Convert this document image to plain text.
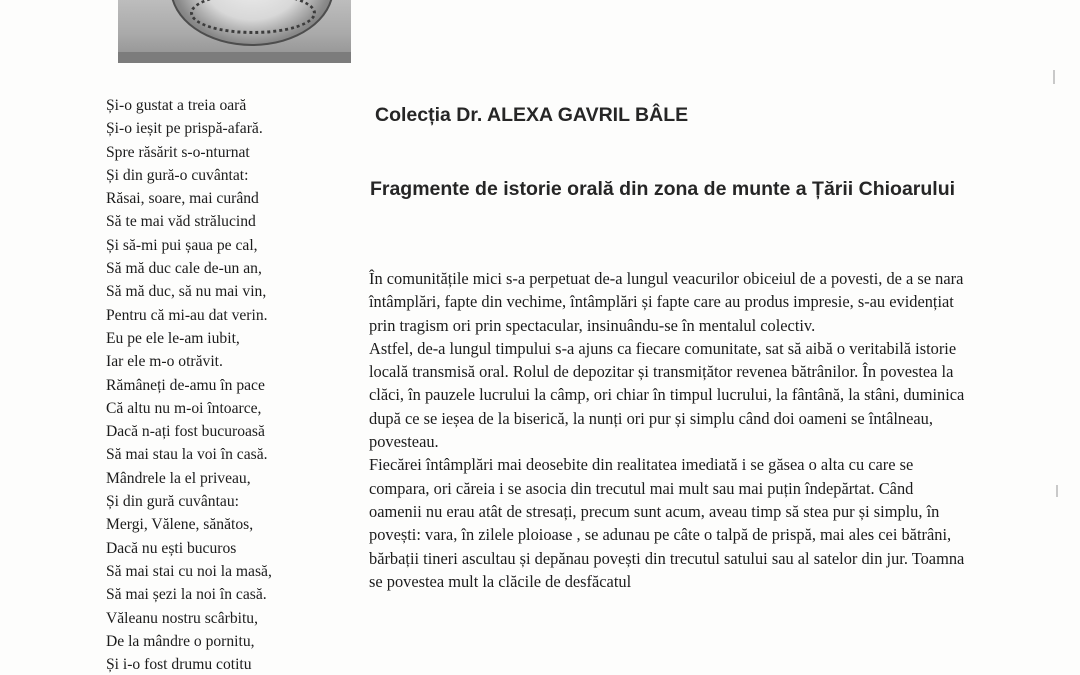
Și-o gustat a treia oară
Și-o ieșit pe prispă-afară.
Spre răsărit s-o-nturnat
Și din gură-o cuvântat:
Răsai, soare, mai curând
Să te mai văd strălucind
Și să-mi pui șaua pe cal,
Să mă duc cale de-un an,
Să mă duc, să nu mai vin,
Pentru că mi-au dat verin.
Eu pe ele le-am iubit,
Iar ele m-o otrăvit.
Rămâneți de-amu în pace
Că altu nu m-oi întoarce,
Dacă n-ați fost bucuroasă
Să mai stau la voi în casă.
Mândrele la el priveau,
Și din gură cuvântau:
Mergi, Vălene, sănătos,
Dacă nu ești bucuros
Să mai stai cu noi la masă,
Să mai șezi la noi în casă.
Văleanu nostru scârbitu,
De la mândre o pornitu,
Și i-o fost drumu cotitu
Colecția Dr. ALEXA GAVRIL BÂLE
Fragmente de istorie orală din zona de munte a Țării Chioarului

În comunitățile mici s-a perpetuat de-a lungul veacurilor obiceiul de a povesti, de a se nara întâmplări, fapte din vechime, întâmplări și fapte care au produs impresie, s-au evidențiat prin tragism ori prin spectacular, insinuându-se în mentalul colectiv.

Astfel, de-a lungul timpului s-a ajuns ca fiecare comunitate, sat să aibă o veritabilă istorie locală transmisă oral. Rolul de depozitar și transmițător revenea bătrânilor. În povestea la clăci, în pauzele lucrului la câmp, ori chiar în timpul lucrului, la fântână, la stâni, duminica după ce se ieșea de la biserică, la nunți ori pur și simplu când doi oameni se întâlneau, povesteau.

Fiecărei întâmplări mai deosebite din realitatea imediată i se găsea o alta cu care se compara, ori căreia i se asocia din trecutul mai mult sau mai puțin îndepărtat. Când oamenii nu erau atât de stresați, precum sunt acum, aveau timp să stea pur și simplu, în povești: vara, în zilele ploioase , se adunau pe câte o talpă de prispă, mai ales cei bătrâni, bărbații tineri ascultau și depănau povești din trecutul satului sau al satelor din jur. Toamna se povestea mult la clăcile de desfăcatul
